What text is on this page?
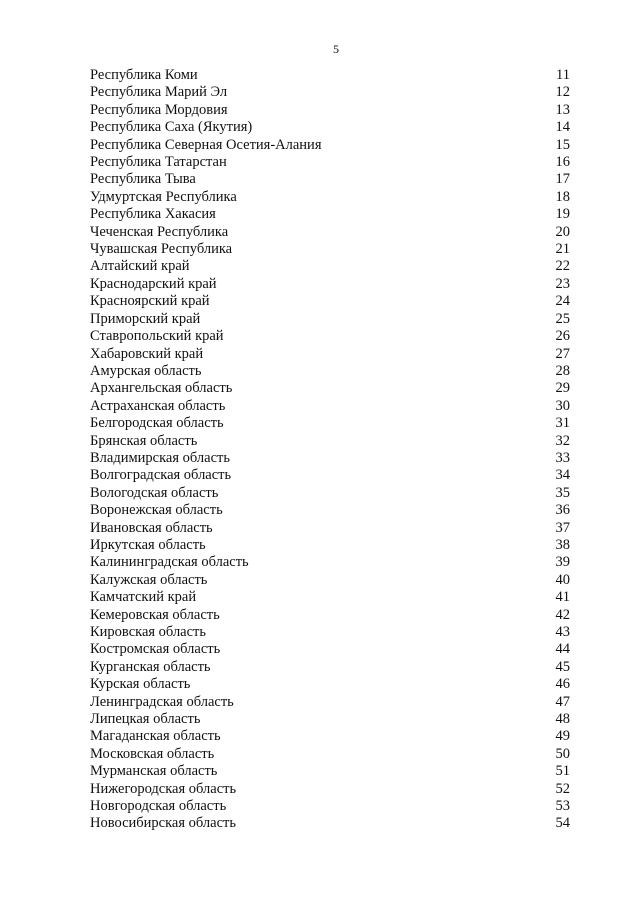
5
Республика Коми	11
Республика Марий Эл	12
Республика Мордовия	13
Республика Саха (Якутия)	14
Республика Северная Осетия-Алания	15
Республика Татарстан	16
Республика Тыва	17
Удмуртская Республика	18
Республика Хакасия	19
Чеченская Республика	20
Чувашская Республика	21
Алтайский край	22
Краснодарский край	23
Красноярский край	24
Приморский край	25
Ставропольский край	26
Хабаровский край	27
Амурская область	28
Архангельская область	29
Астраханская область	30
Белгородская область	31
Брянская область	32
Владимирская область	33
Волгоградская область	34
Вологодская область	35
Воронежская область	36
Ивановская область	37
Иркутская область	38
Калининградская область	39
Калужская область	40
Камчатский край	41
Кемеровская область	42
Кировская область	43
Костромская область	44
Курганская область	45
Курская область	46
Ленинградская область	47
Липецкая область	48
Магаданская область	49
Московская область	50
Мурманская область	51
Нижегородская область	52
Новгородская область	53
Новосибирская область	54
